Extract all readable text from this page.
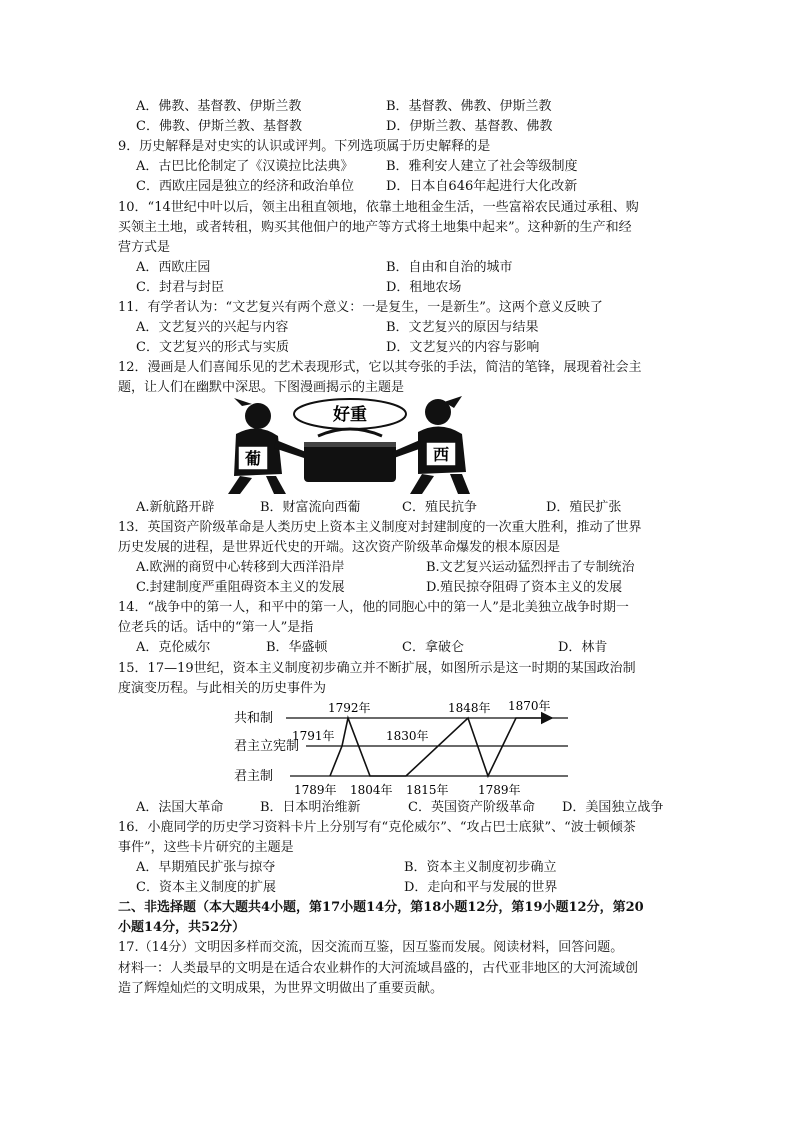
A．佛教、基督教、伊斯兰教	B．基督教、佛教、伊斯兰教
C．佛教、伊斯兰教、基督教	D．伊斯兰教、基督教、佛教
9．历史解释是对史实的认识或评判。下列选项属于历史解释的是
A．古巴比伦制定了《汉谟拉比法典》	B．雅利安人建立了社会等级制度
C．西欧庄园是独立的经济和政治单位 D．日本自646年起进行大化改新
10．“14世纪中叶以后，领主出租直领地，依靠土地租金生活，一些富裕农民通过承租、购
买领主土地，或者转租，购买其他佃户的地产等方式将土地集中起来”。这种新的生产和经
营方式是
A．西欧庄园	B．自由和自治的城市
C．封君与封臣	D．租地农场
11．有学者认为：“文艺复兴有两个意义：一是复生，一是新生”。这两个意义反映了
A．文艺复兴的兴起与内容	B．文艺复兴的原因与结果
C．文艺复兴的形式与实质	D．文艺复兴的内容与影响
12．漫画是人们喜闻乐见的艺术表现形式，它以其夸张的手法，简洁的笔锋，展现着社会主
题，让人们在幽默中深思。下图漫画揭示的主题是
好重
葡	西
A.新航路开辟	B．财富流向西葡	C．殖民抗争	D．殖民扩张
13．英国资产阶级革命是人类历史上资本主义制度对封建制度的一次重大胜利，推动了世界
历史发展的进程，是世界近代史的开端。这次资产阶级革命爆发的根本原因是
A.欧洲的商贸中心转移到大西洋沿岸	B.文艺复兴运动猛烈抨击了专制统治
C.封建制度严重阻碍资本主义的发展	D.殖民掠夺阻碍了资本主义的发展
14．“战争中的第一人，和平中的第一人，他的同胞心中的第一人”是北美独立战争时期一
位老兵的话。话中的“第一人”是指
A．克伦威尔	B．华盛顿	C．拿破仑	D．林肯
15．17—19世纪，资本主义制度初步确立并不断扩展，如图所示是这一时期的某国政治制
度演变历程。与此相关的历史事件为
共和制
君主立宪制
君主制
1789年
1791年
1792年
1804年 1815年
1830年
1848年
1789年
1870年
A．法国大革命	B．日本明治维新	C．英国资产阶级革命 D．美国独立战争
16．小鹿同学的历史学习资料卡片上分别写有“克伦威尔”、“攻占巴士底狱”、“波士顿倾茶
事件”，这些卡片研究的主题是
A．早期殖民扩张与掠夺	B．资本主义制度初步确立
C．资本主义制度的扩展	D．走向和平与发展的世界
二、非选择题（本大题共4小题，第17小题14分，第18小题12分，第19小题12分，第20
小题14分，共52分）
17.（14分）文明因多样而交流，因交流而互鉴，因互鉴而发展。阅读材料，回答问题。
材料一：人类最早的文明是在适合农业耕作的大河流域昌盛的，古代亚非地区的大河流域创
造了辉煌灿烂的文明成果，为世界文明做出了重要贡献。
